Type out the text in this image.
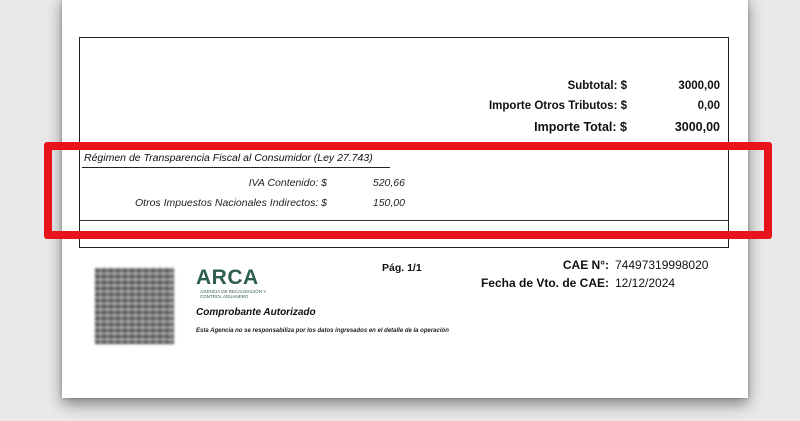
Subtotal: $	3000,00
Importe Otros Tributos: $	0,00
Importe Total: $	3000,00
Régimen de Transparencia Fiscal al Consumidor (Ley 27.743)
IVA Contenido: $	520,66
Otros Impuestos Nacionales Indirectos: $	150,00
ARCA
AGENCIA DE RECAUDACIÓN Y CONTROL ADUANERO
Comprobante Autorizado
Esta Agencia no se responsabiliza por los datos ingresados en el detalle de la operación
Pág. 1/1	CAE N°: 74497319998020
Fecha de Vto. de CAE: 12/12/2024
